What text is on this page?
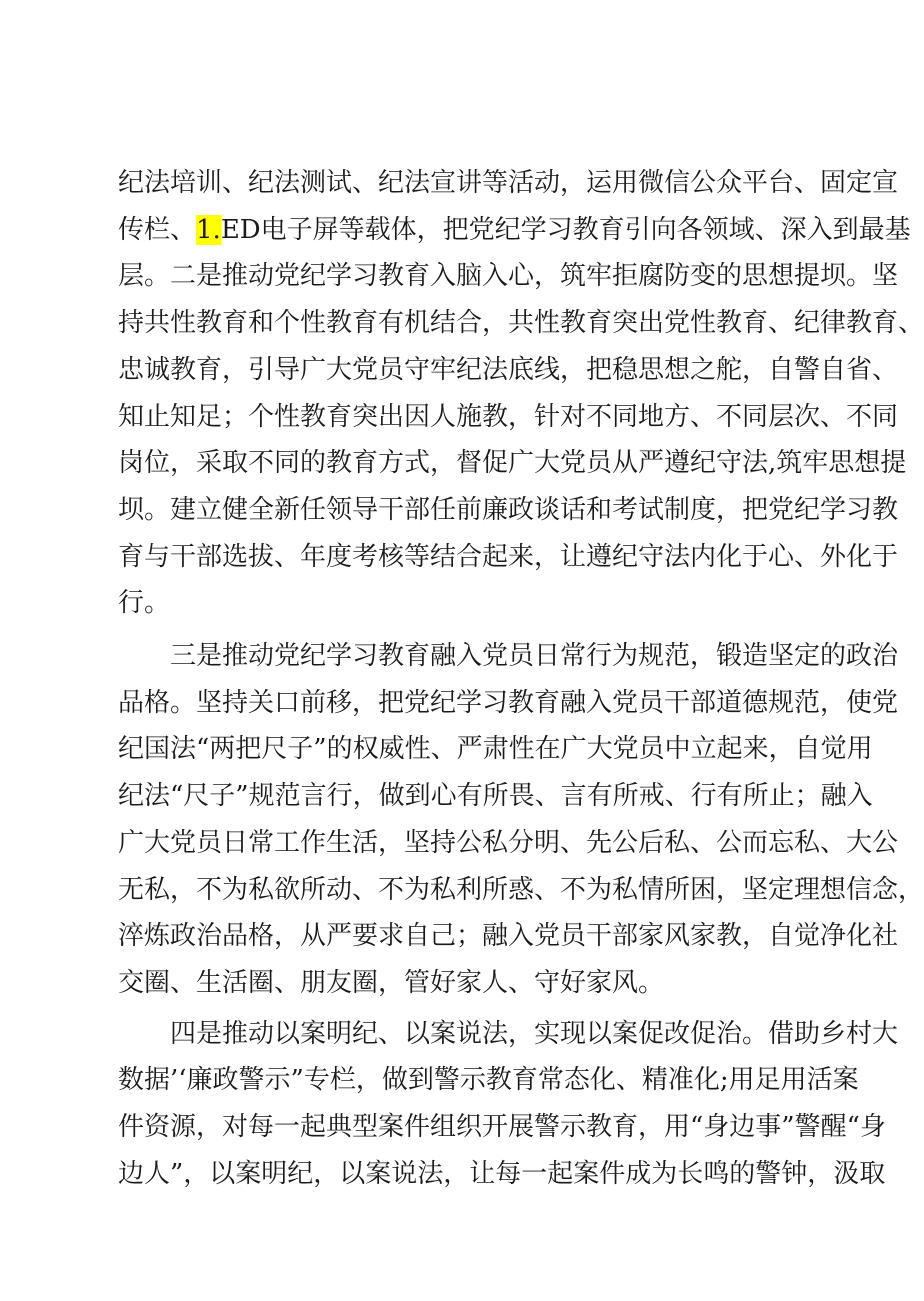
纪法培训、纪法测试、纪法宣讲等活动，运用微信公众平台、固定宣
传栏、1.ED电子屏等载体，把党纪学习教育引向各领域、深入到最基
层。二是推动党纪学习教育入脑入心，筑牢拒腐防变的思想提坝。坚
持共性教育和个性教育有机结合，共性教育突出党性教育、纪律教育、
忠诚教育，引导广大党员守牢纪法底线，把稳思想之舵，自警自省、
知止知足；个性教育突出因人施教，针对不同地方、不同层次、不同
岗位，采取不同的教育方式，督促广大党员从严遵纪守法,筑牢思想提
坝。建立健全新任领导干部任前廉政谈话和考试制度，把党纪学习教
育与干部选拔、年度考核等结合起来，让遵纪守法内化于心、外化于
行。
三是推动党纪学习教育融入党员日常行为规范，锻造坚定的政治
品格。坚持关口前移，把党纪学习教育融入党员干部道德规范，使党
纪国法“两把尺子”的权威性、严肃性在广大党员中立起来，自觉用
纪法“尺子”规范言行，做到心有所畏、言有所戒、行有所止；融入
广大党员日常工作生活，坚持公私分明、先公后私、公而忘私、大公
无私，不为私欲所动、不为私利所惑、不为私情所困，坚定理想信念，
淬炼政治品格，从严要求自己；融入党员干部家风家教，自觉净化社
交圈、生活圈、朋友圈，管好家人、守好家风。
四是推动以案明纪、以案说法，实现以案促改促治。借助乡村大
数据’‘廉政警示”专栏，做到警示教育常态化、精准化;用足用活案
件资源，对每一起典型案件组织开展警示教育，用“身边事”警醒“身
边人”，以案明纪，以案说法，让每一起案件成为长鸣的警钟，汲取
